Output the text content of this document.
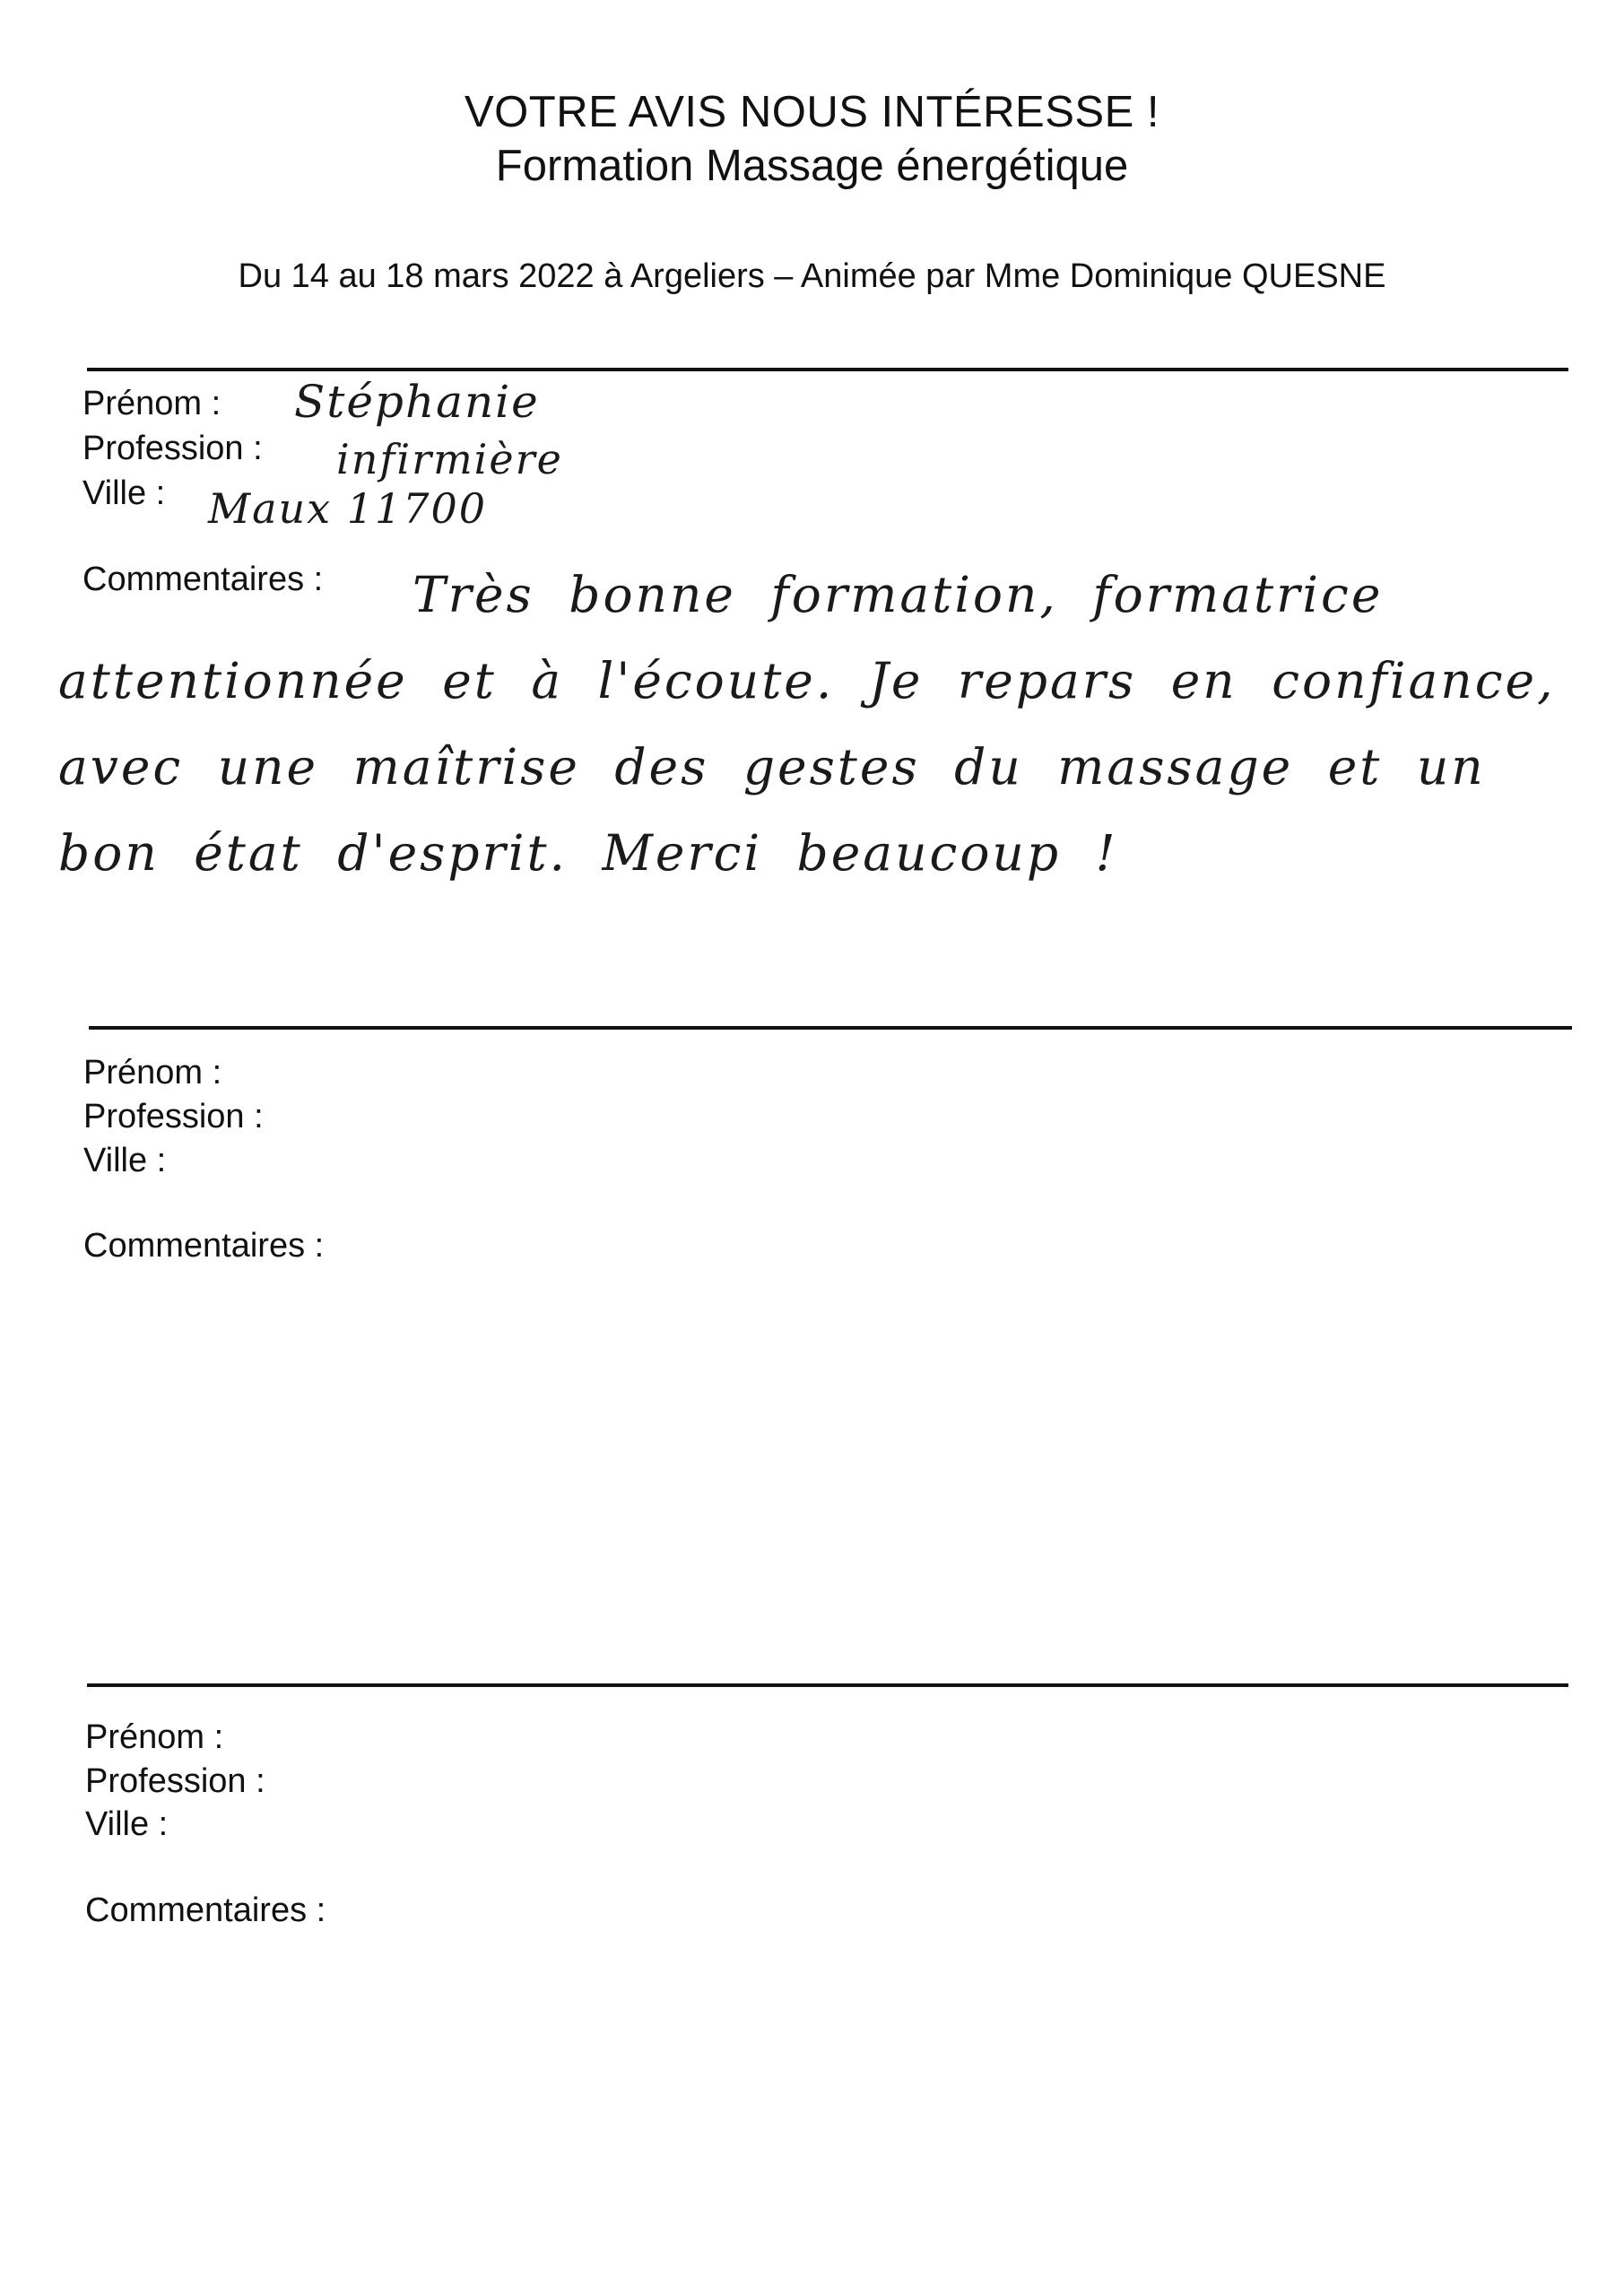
VOTRE AVIS NOUS INTÉRESSE !
Formation Massage énergétique
Du 14 au 18 mars 2022 à Argeliers – Animée par Mme Dominique QUESNE
Prénom :
Profession :
Ville :
Commentaires :
Stéphanie
infirmière
Maux 11700
Très bonne formation, formatrice attentionnée et à l'écoute. Je repars en confiance, avec une maîtrise des gestes du massage et un bon état d'esprit. Merci beaucoup !
Prénom :
Profession :
Ville :
Commentaires :
Prénom :
Profession :
Ville :
Commentaires :
